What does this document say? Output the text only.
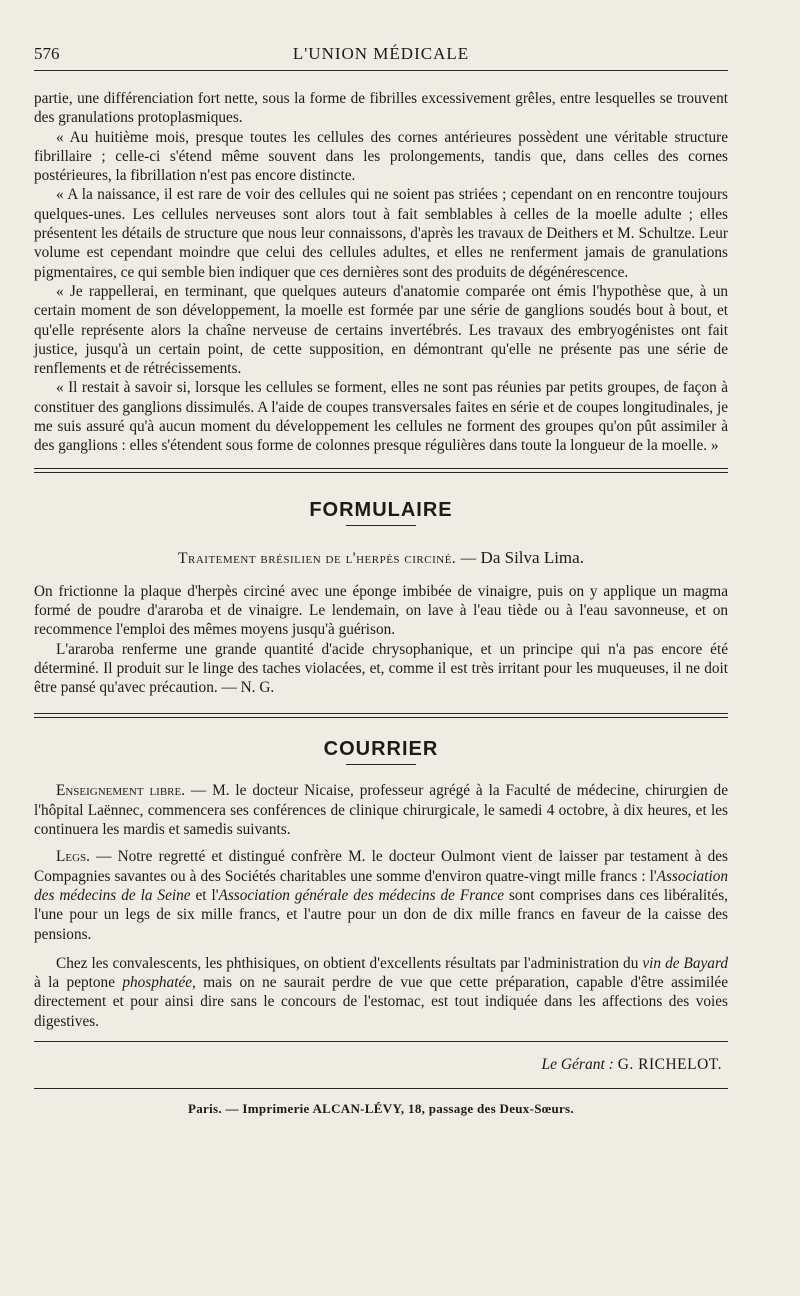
576	L'UNION MÉDICALE

partie, une différenciation fort nette, sous la forme de fibrilles excessivement grêles, entre lesquelles se trouvent des granulations protoplasmiques.

« Au huitième mois, presque toutes les cellules des cornes antérieures possèdent une véritable structure fibrillaire ; celle-ci s'étend même souvent dans les prolongements, tandis que, dans celles des cornes postérieures, la fibrillation n'est pas encore distincte.

« A la naissance, il est rare de voir des cellules qui ne soient pas striées ; cependant on en rencontre toujours quelques-unes. Les cellules nerveuses sont alors tout à fait semblables à celles de la moelle adulte ; elles présentent les détails de structure que nous leur connaissons, d'après les travaux de Deithers et M. Schultze. Leur volume est cependant moindre que celui des cellules adultes, et elles ne renferment jamais de granulations pigmentaires, ce qui semble bien indiquer que ces dernières sont des produits de dégénérescence.

« Je rappellerai, en terminant, que quelques auteurs d'anatomie comparée ont émis l'hypothèse que, à un certain moment de son développement, la moelle est formée par une série de ganglions soudés bout à bout, et qu'elle représente alors la chaîne nerveuse de certains invertébrés. Les travaux des embryogénistes ont fait justice, jusqu'à un certain point, de cette supposition, en démontrant qu'elle ne présente pas une série de renflements et de rétrécissements.

« Il restait à savoir si, lorsque les cellules se forment, elles ne sont pas réunies par petits groupes, de façon à constituer des ganglions dissimulés. A l'aide de coupes transversales faites en série et de coupes longitudinales, je me suis assuré qu'à aucun moment du développement les cellules ne forment des groupes qu'on pût assimiler à des ganglions : elles s'étendent sous forme de colonnes presque régulières dans toute la longueur de la moelle. »

FORMULAIRE
Traitement brésilien de l'herpès circiné. — Da Silva Lima.

On frictionne la plaque d'herpès circiné avec une éponge imbibée de vinaigre, puis on y applique un magma formé de poudre d'araroba et de vinaigre. Le lendemain, on lave à l'eau tiède ou à l'eau savonneuse, et on recommence l'emploi des mêmes moyens jusqu'à guérison.

L'araroba renferme une grande quantité d'acide chrysophanique, et un principe qui n'a pas encore été déterminé. Il produit sur le linge des taches violacées, et, comme il est très irritant pour les muqueuses, il ne doit être pansé qu'avec précaution. — N. G.

COURRIER

Enseignement libre. — M. le docteur Nicaise, professeur agrégé à la Faculté de médecine, chirurgien de l'hôpital Laënnec, commencera ses conférences de clinique chirurgicale, le samedi 4 octobre, à dix heures, et les continuera les mardis et samedis suivants.

Legs. — Notre regretté et distingué confrère M. le docteur Oulmont vient de laisser par testament à des Compagnies savantes ou à des Sociétés charitables une somme d'environ quatre-vingt mille francs : l'Association des médecins de la Seine et l'Association générale des médecins de France sont comprises dans ces libéralités, l'une pour un legs de six mille francs, et l'autre pour un don de dix mille francs en faveur de la caisse des pensions.

Chez les convalescents, les phthisiques, on obtient d'excellents résultats par l'administration du vin de Bayard à la peptone phosphatée, mais on ne saurait perdre de vue que cette préparation, capable d'être assimilée directement et pour ainsi dire sans le concours de l'estomac, est tout indiquée dans les affections des voies digestives.

Le Gérant : G. RICHELOT.
Paris. — Imprimerie ALCAN-LÉVY, 18, passage des Deux-Sœurs.
